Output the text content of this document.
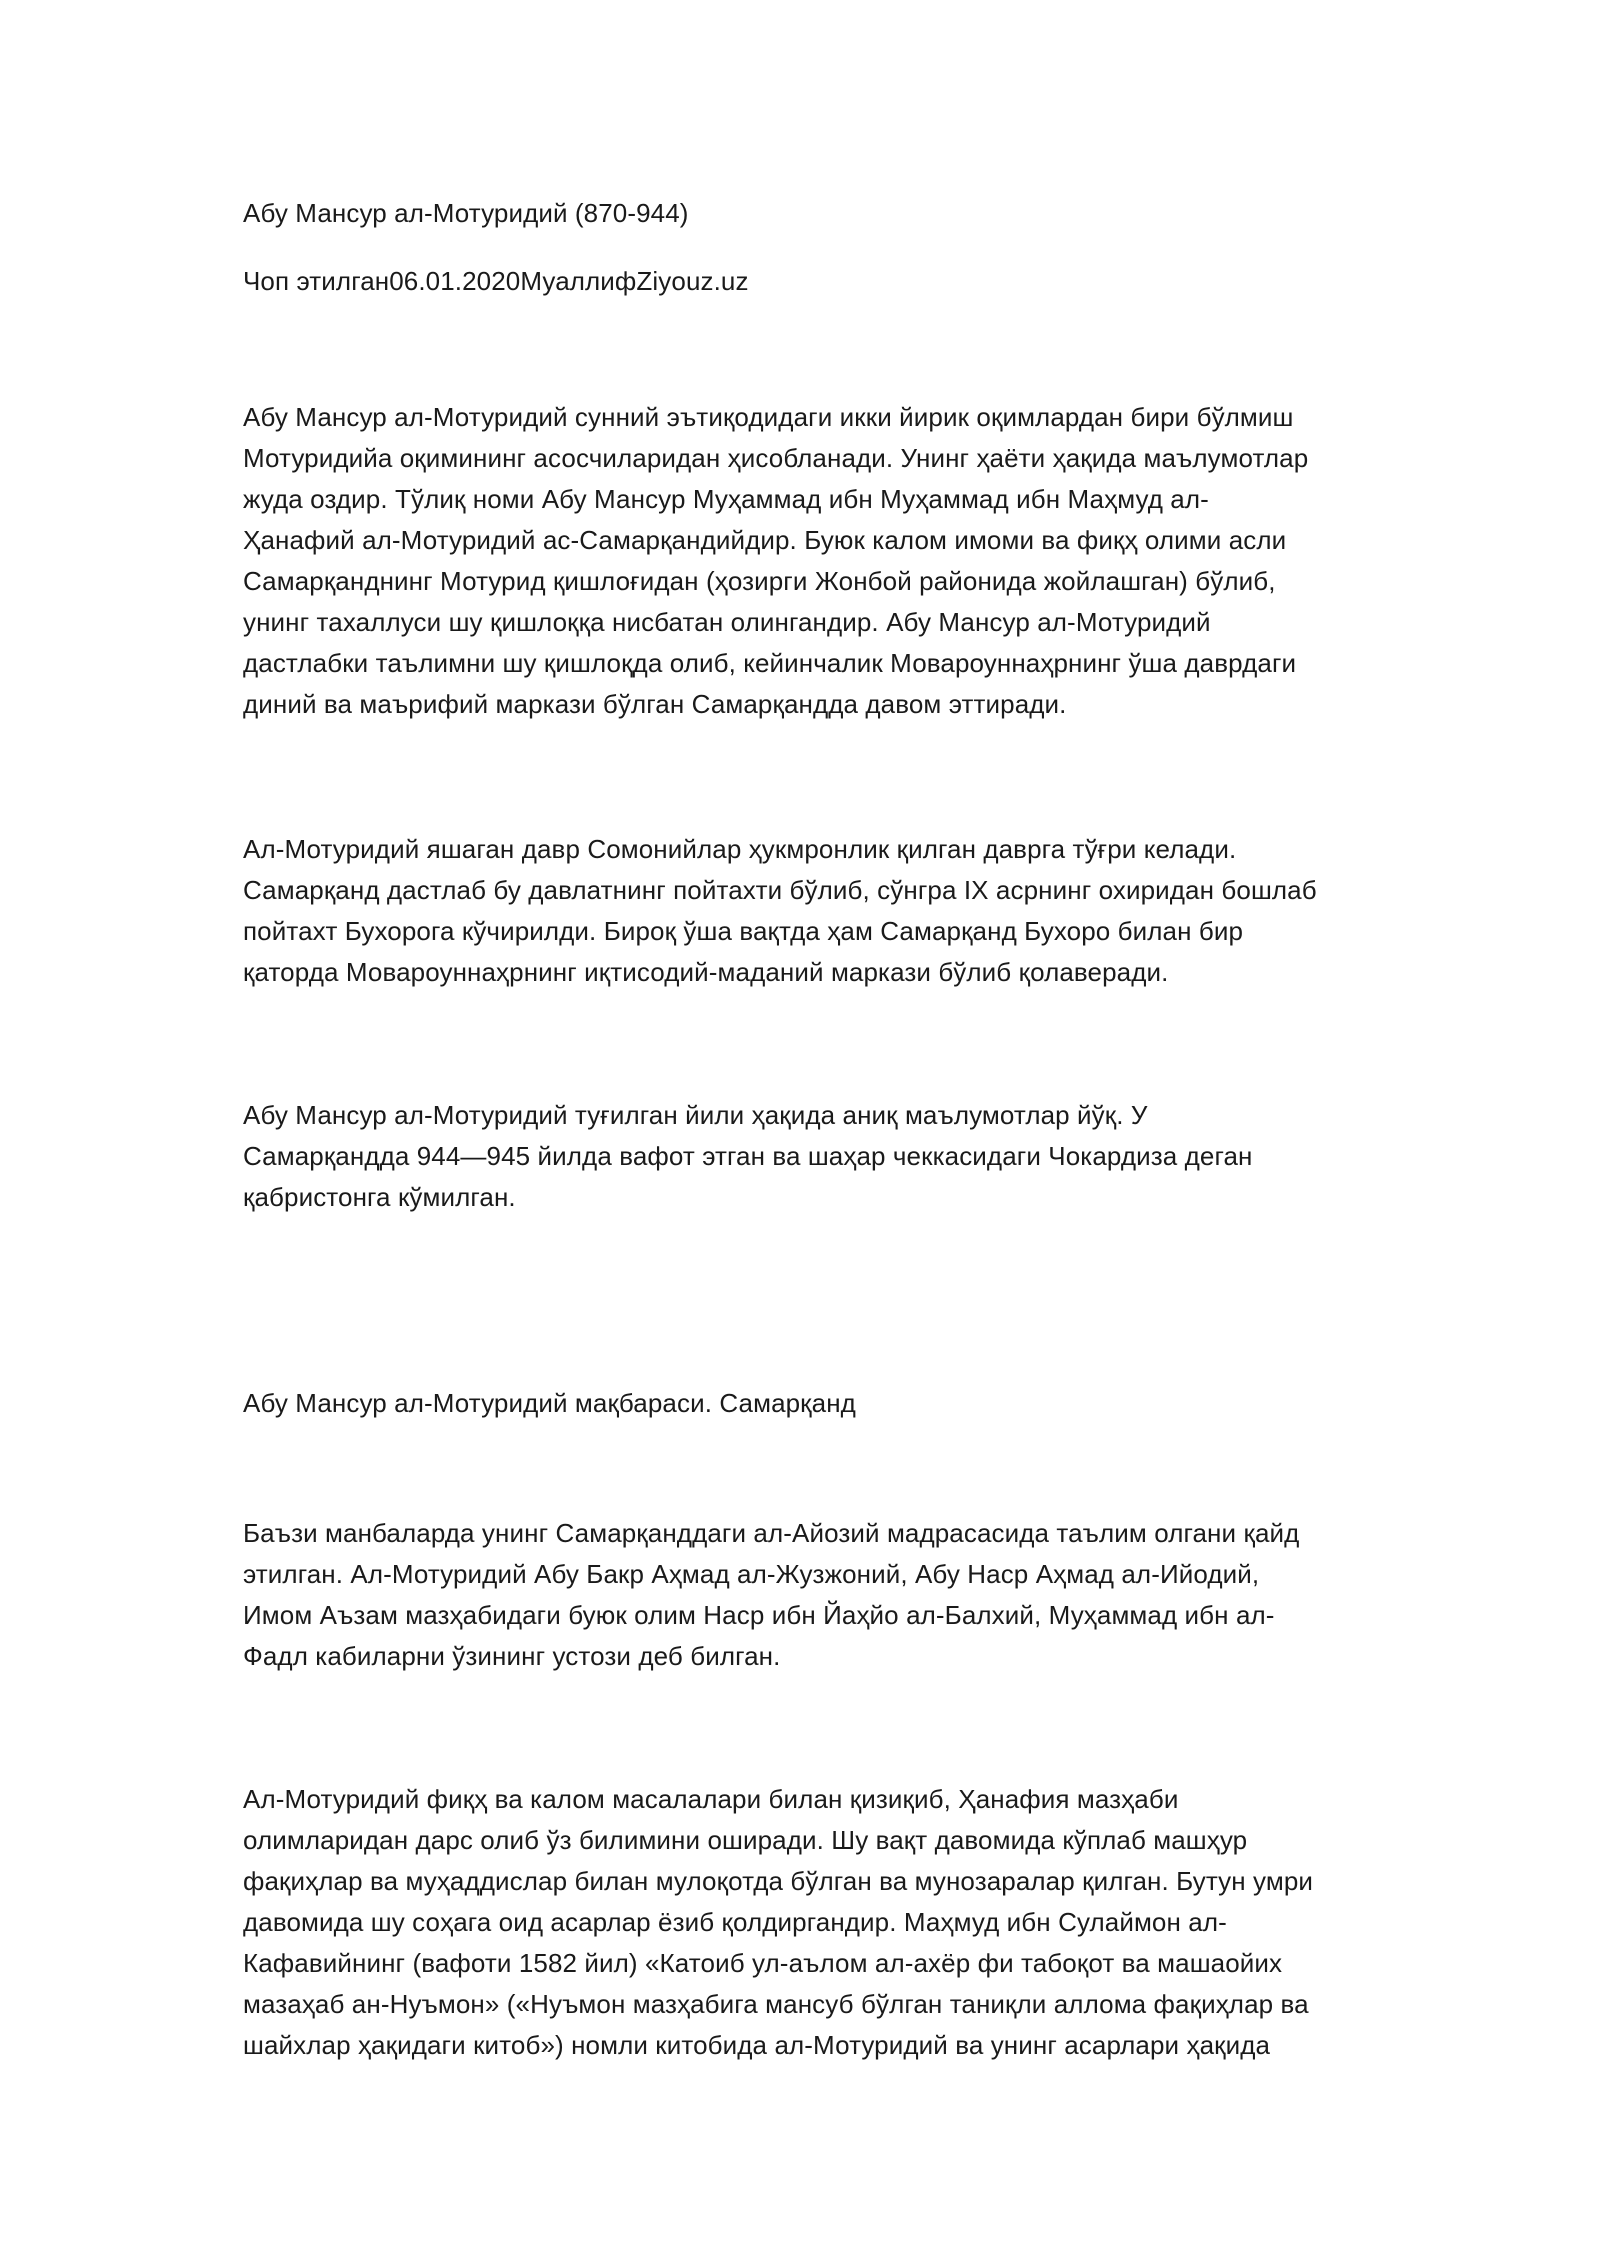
Абу Мансур ал-Мотуридий (870-944)
Чоп этилган06.01.2020МуаллифZiyouz.uz
Абу Мансур ал-Мотуридий сунний эътиқодидаги икки йирик оқимлардан бири бўлмиш
Мотуридийа оқимининг асосчиларидан ҳисобланади. Унинг ҳаёти ҳақида маълумотлар
жуда оздир. Тўлиқ номи Абу Мансур Муҳаммад ибн Муҳаммад ибн Маҳмуд ал-
Ҳанафий ал-Мотуридий ас-Самарқандийдир. Буюк калом имоми ва фиқҳ олими асли
Самарқанднинг Мотурид қишлоғидан (ҳозирги Жонбой районида жойлашган) бўлиб,
унинг тахаллуси шу қишлоққа нисбатан олингандир. Абу Мансур ал-Мотуридий
дастлабки таълимни шу қишлоқда олиб, кейинчалик Мовароуннаҳрнинг ўша даврдаги
диний ва маърифий маркази бўлган Самарқандда давом эттиради.
Ал-Мотуридий яшаган давр Сомонийлар ҳукмронлик қилган даврга тўғри келади.
Самарқанд дастлаб бу давлатнинг пойтахти бўлиб, сўнгра IX асрнинг охиридан бошлаб
пойтахт Бухорога кўчирилди. Бироқ ўша вақтда ҳам Самарқанд Бухоро билан бир
қаторда Мовароуннаҳрнинг иқтисодий-маданий маркази бўлиб қолаверади.
Абу Мансур ал-Мотуридий туғилган йили ҳақида аниқ маълумотлар йўқ. У
Самарқандда 944—945 йилда вафот этган ва шаҳар чеккасидаги Чокардиза деган
қабристонга кўмилган.
Абу Мансур ал-Мотуридий мақбараси. Самарқанд
Баъзи манбаларда унинг Самарқанддаги ал-Айозий мадрасасида таълим олгани қайд
этилган. Ал-Мотуридий Абу Бакр Аҳмад ал-Жузжоний, Абу Наср Аҳмад ал-Ийодий,
Имом Аъзам мазҳабидаги буюк олим Наср ибн Йаҳйо ал-Балхий, Муҳаммад ибн ал-
Фадл кабиларни ўзининг устози деб билган.
Ал-Мотуридий фиқҳ ва калом масалалари билан қизиқиб, Ҳанафия мазҳаби
олимларидан дарс олиб ўз билимини оширади. Шу вақт давомида кўплаб машҳур
фақиҳлар ва муҳаддислар билан мулоқотда бўлган ва мунозаралар қилган. Бутун умри
давомида шу соҳага оид асарлар ёзиб қолдиргандир. Маҳмуд ибн Сулаймон ал-
Кафавийнинг (вафоти 1582 йил) «Катоиб ул-аълом ал-ахёр фи табоқот ва машаойих
мазаҳаб ан-Нуъмон» («Нуъмон мазҳабига мансуб бўлган таниқли аллома фақиҳлар ва
шайхлар ҳақидаги китоб») номли китобида ал-Мотуридий ва унинг асарлари ҳақида
